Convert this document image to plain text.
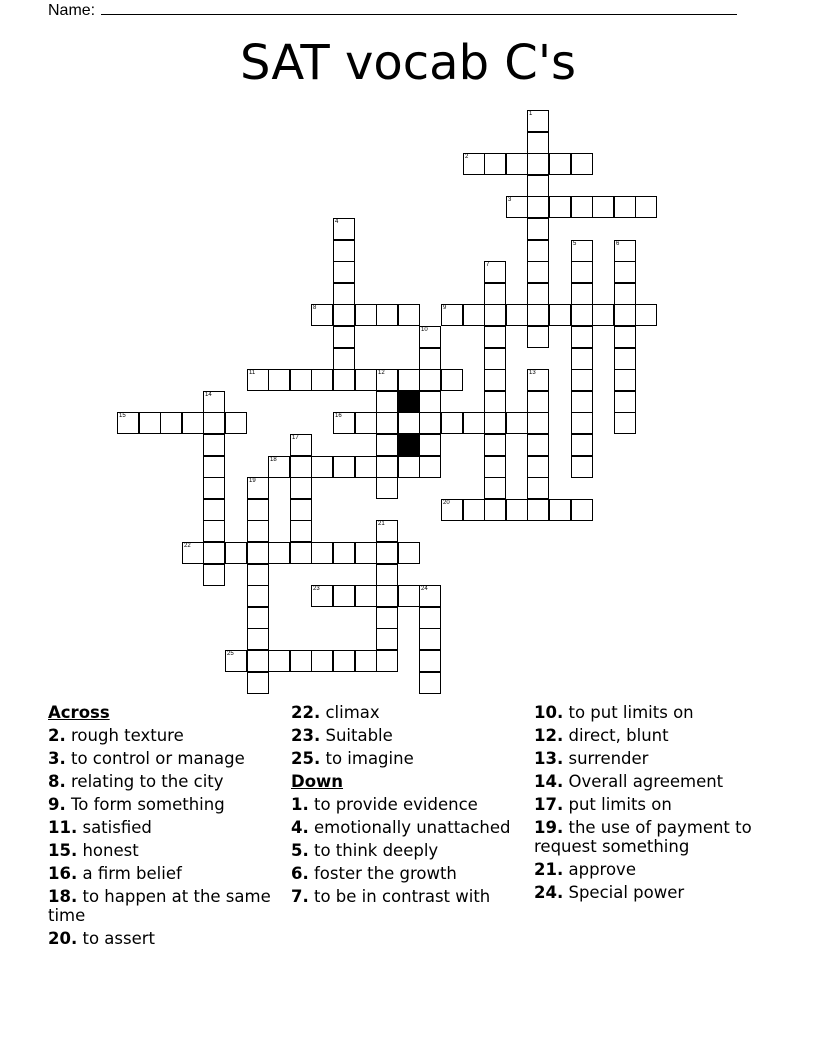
Name:
SAT vocab C's
1
2
3
4
5	6
7
8	9
10
11	12	13
14
15	16
17
18
19
20
21
22
23	24
25
Across
2. rough texture
3. to control or manage
8. relating to the city
9. To form something
11. satisfied
15. honest
16. a firm belief
18. to happen at the same time
20. to assert
22. climax
23. Suitable
25. to imagine
Down
1. to provide evidence
4. emotionally unattached
5. to think deeply
6. foster the growth
7. to be in contrast with
10. to put limits on
12. direct, blunt
13. surrender
14. Overall agreement
17. put limits on
19. the use of payment to request something
21. approve
24. Special power
